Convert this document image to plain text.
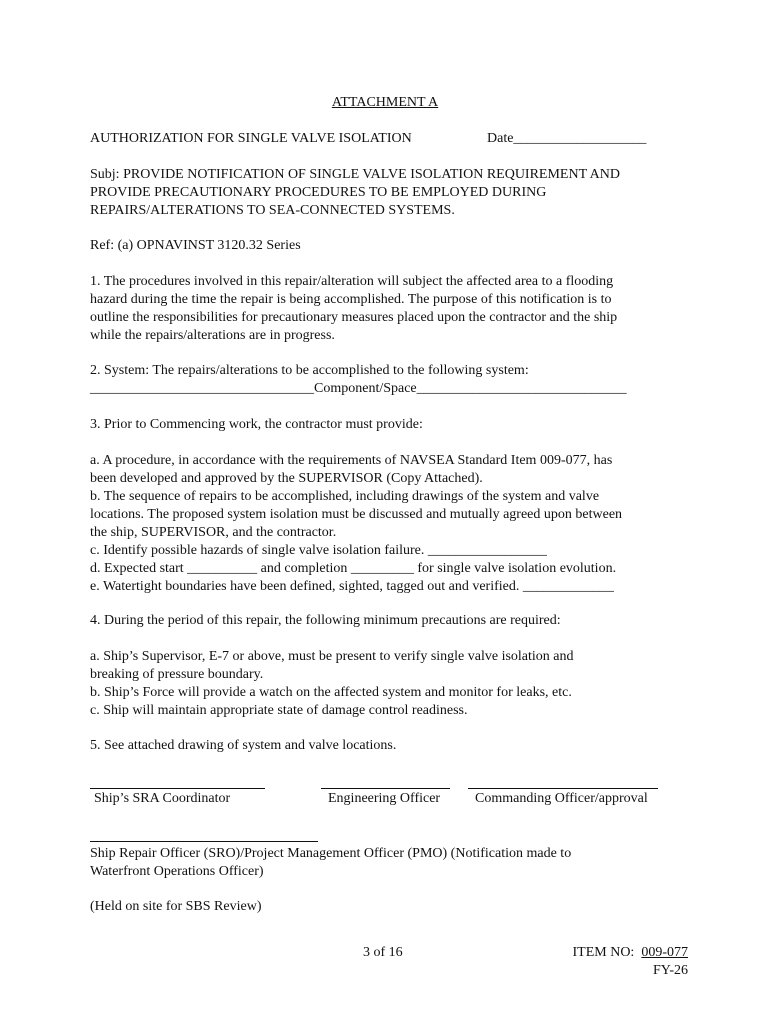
ATTACHMENT A
AUTHORIZATION FOR SINGLE VALVE ISOLATION	Date___________________
Subj: PROVIDE NOTIFICATION OF SINGLE VALVE ISOLATION REQUIREMENT AND
PROVIDE PRECAUTIONARY PROCEDURES TO BE EMPLOYED DURING
REPAIRS/ALTERATIONS TO SEA-CONNECTED SYSTEMS.
Ref: (a) OPNAVINST 3120.32 Series
1. The procedures involved in this repair/alteration will subject the affected area to a flooding
hazard during the time the repair is being accomplished. The purpose of this notification is to
outline the responsibilities for precautionary measures placed upon the contractor and the ship
while the repairs/alterations are in progress.
2. System: The repairs/alterations to be accomplished to the following system:
________________________________Component/Space______________________________
3. Prior to Commencing work, the contractor must provide:
a. A procedure, in accordance with the requirements of NAVSEA Standard Item 009-077, has
been developed and approved by the SUPERVISOR (Copy Attached).
b. The sequence of repairs to be accomplished, including drawings of the system and valve
locations. The proposed system isolation must be discussed and mutually agreed upon between
the ship, SUPERVISOR, and the contractor.
c. Identify possible hazards of single valve isolation failure. _________________
d. Expected start __________ and completion _________ for single valve isolation evolution.
e. Watertight boundaries have been defined, sighted, tagged out and verified. _____________
4. During the period of this repair, the following minimum precautions are required:
a. Ship’s Supervisor, E-7 or above, must be present to verify single valve isolation and
breaking of pressure boundary.
b. Ship’s Force will provide a watch on the affected system and monitor for leaks, etc.
c. Ship will maintain appropriate state of damage control readiness.
5. See attached drawing of system and valve locations.
Ship’s SRA Coordinator	Engineering Officer	Commanding Officer/approval
Ship Repair Officer (SRO)/Project Management Officer (PMO) (Notification made to
Waterfront Operations Officer)
(Held on site for SBS Review)
3 of 16	ITEM NO: 009-077
FY-26
